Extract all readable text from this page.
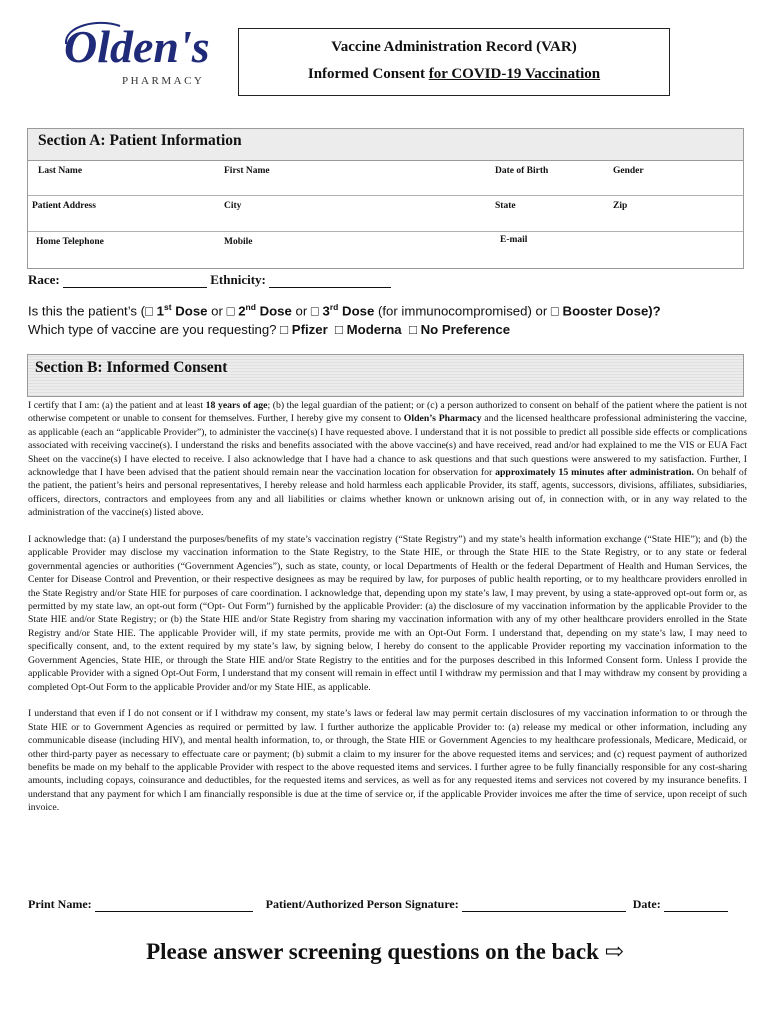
Olden's
PHARMACY
Vaccine Administration Record (VAR)
Informed Consent for COVID-19 Vaccination
Section A: Patient Information
Last Name	First Name	Date of Birth	Gender
Patient Address	City	State	Zip
Home Telephone	Mobile	E-mail
Race:	Ethnicity:
Is this the patient’s (□ 1st Dose or □ 2nd Dose or □ 3rd Dose (for immunocompromised) or □ Booster Dose)?
Which type of vaccine are you requesting? □ Pfizer □ Moderna □ No Preference
Section B: Informed Consent

I certify that I am: (a) the patient and at least 18 years of age; (b) the legal guardian of the patient; or (c) a person authorized to consent on behalf of the patient where the patient is not otherwise competent or unable to consent for themselves. Further, I hereby give my consent to Olden’s Pharmacy and the licensed healthcare professional administering the vaccine, as applicable (each an “applicable Provider”), to administer the vaccine(s) I have requested above. I understand that it is not possible to predict all possible side effects or complications associated with receiving vaccine(s). I understand the risks and benefits associated with the above vaccine(s) and have received, read and/or had explained to me the VIS or EUA Fact Sheet on the vaccine(s) I have elected to receive. I also acknowledge that I have had a chance to ask questions and that such questions were answered to my satisfaction. Further, I acknowledge that I have been advised that the patient should remain near the vaccination location for observation for approximately 15 minutes after administration. On behalf of the patient, the patient’s heirs and personal representatives, I hereby release and hold harmless each applicable Provider, its staff, agents, successors, divisions, affiliates, subsidiaries, officers, directors, contractors and employees from any and all liabilities or claims whether known or unknown arising out of, in connection with, or in any way related to the administration of the vaccine(s) listed above.

I acknowledge that: (a) I understand the purposes/benefits of my state’s vaccination registry (“State Registry”) and my state’s health information exchange (“State HIE”); and (b) the applicable Provider may disclose my vaccination information to the State Registry, to the State HIE, or through the State HIE to the State Registry, or to any state or federal governmental agencies or authorities (“Government Agencies”), such as state, county, or local Departments of Health or the federal Department of Health and Human Services, the Center for Disease Control and Prevention, or their respective designees as may be required by law, for purposes of public health reporting, or to my healthcare providers enrolled in the State Registry and/or State HIE for purposes of care coordination. I acknowledge that, depending upon my state’s law, I may prevent, by using a state-approved opt-out form or, as permitted by my state law, an opt-out form (“Opt- Out Form”) furnished by the applicable Provider: (a) the disclosure of my vaccination information by the applicable Provider to the State HIE and/or State Registry; or (b) the State HIE and/or State Registry from sharing my vaccination information with any of my other healthcare providers enrolled in the State Registry and/or State HIE. The applicable Provider will, if my state permits, provide me with an Opt-Out Form. I understand that, depending on my state’s law, I may need to specifically consent, and, to the extent required by my state’s law, by signing below, I hereby do consent to the applicable Provider reporting my vaccination information to the Government Agencies, State HIE, or through the State HIE and/or State Registry to the entities and for the purposes described in this Informed Consent form. Unless I provide the applicable Provider with a signed Opt-Out Form, I understand that my consent will remain in effect until I withdraw my permission and that I may withdraw my consent by providing a completed Opt-Out Form to the applicable Provider and/or my State HIE, as applicable.

I understand that even if I do not consent or if I withdraw my consent, my state’s laws or federal law may permit certain disclosures of my vaccination information to or through the State HIE or to Government Agencies as required or permitted by law. I further authorize the applicable Provider to: (a) release my medical or other information, including any communicable disease (including HIV), and mental health information, to, or through, the State HIE or Government Agencies to my healthcare professionals, Medicare, Medicaid, or other third-party payer as necessary to effectuate care or payment; (b) submit a claim to my insurer for the above requested items and services; and (c) request payment of authorized benefits be made on my behalf to the applicable Provider with respect to the above requested items and services. I further agree to be fully financially responsible for any cost-sharing amounts, including copays, coinsurance and deductibles, for the requested items and services, as well as for any requested items and services not covered by my insurance benefits. I understand that any payment for which I am financially responsible is due at the time of service or, if the applicable Provider invoices me after the time of service, upon receipt of such invoice.

Print Name:	Patient/Authorized Person Signature:	Date:
Please answer screening questions on the back ⇨
